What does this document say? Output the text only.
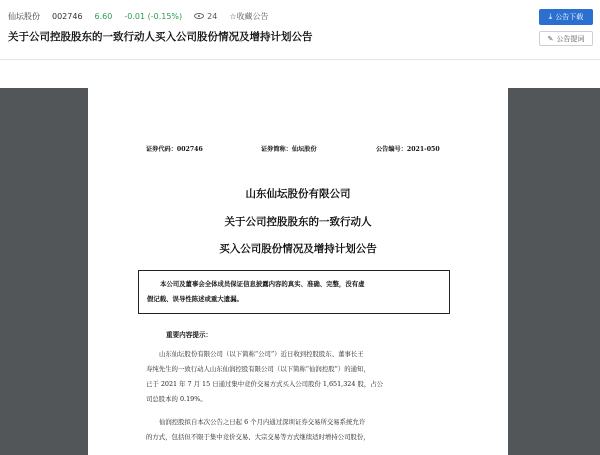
仙坛股份 002746 6.60 -0.01 (-0.15%)	24 ☆收藏公告
关于公司控股股东的一致行动人买入公司股份情况及增持计划公告
⤓ 公告下载
✎ 公告提词
证券代码：002746	证券简称：仙坛股份	公告编号：2021-050
山东仙坛股份有限公司
关于公司控股股东的一致行动人
买入公司股份情况及增持计划公告
本公司及董事会全体成员保证信息披露内容的真实、准确、完整，没有虚
假记载、误导性陈述或重大遗漏。
重要内容提示：
山东仙坛股份有限公司（以下简称“公司”）近日收到控股股东、董事长王
寿纯先生的一致行动人山东仙润控股有限公司（以下简称“仙润控股”）的通知，
已于 2021 年 7 月 15 日通过集中竞价交易方式买入公司股份 1,651,324 股，占公
司总股本的 0.19%。
仙润控股拟自本次公告之日起 6 个月内通过深圳证券交易所交易系统允许
的方式，包括但不限于集中竞价交易、大宗交易等方式继续适时增持公司股份，
